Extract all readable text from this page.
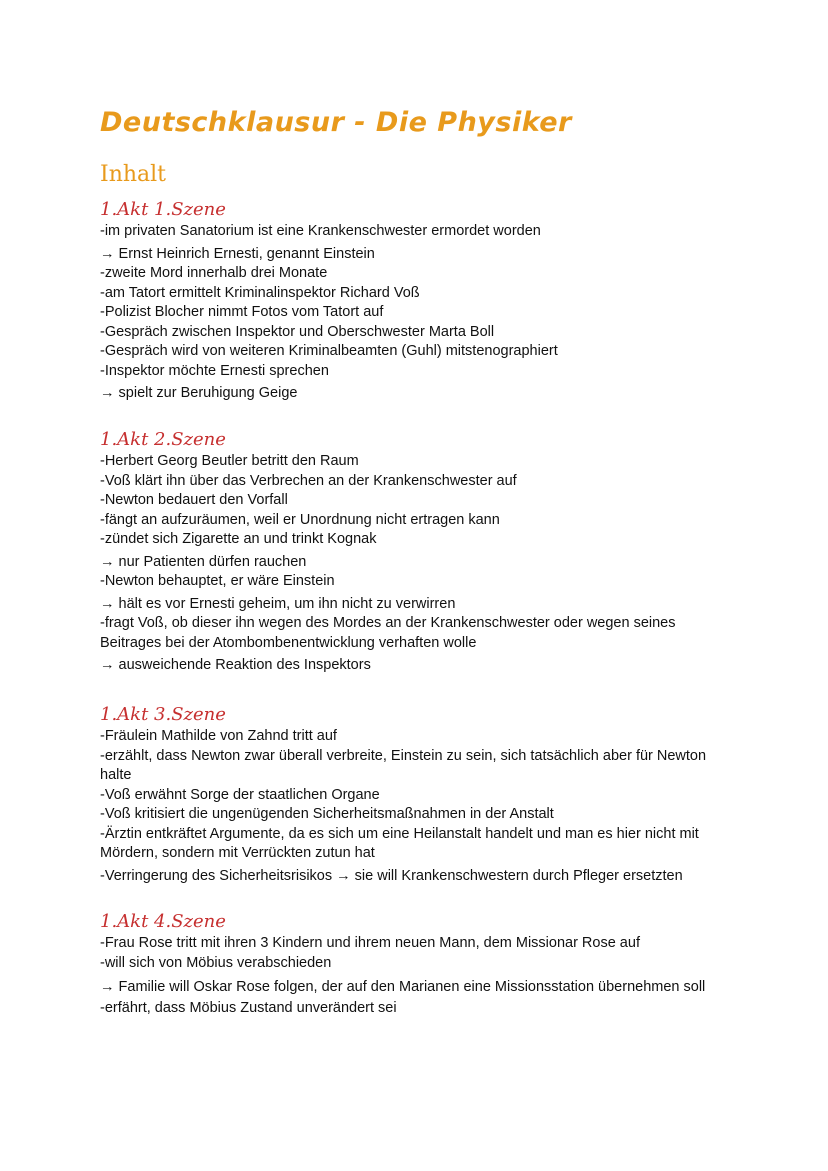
Deutschklausur - Die Physiker
Inhalt
1.Akt 1.Szene
-im privaten Sanatorium ist eine Krankenschwester ermordet worden
→ Ernst Heinrich Ernesti, genannt Einstein
-zweite Mord innerhalb drei Monate
-am Tatort ermittelt Kriminalinspektor Richard Voß
-Polizist Blocher nimmt Fotos vom Tatort auf
-Gespräch zwischen Inspektor und Oberschwester Marta Boll
-Gespräch wird von weiteren Kriminalbeamten (Guhl) mitstenographiert
-Inspektor möchte Ernesti sprechen
→ spielt zur Beruhigung Geige
1.Akt 2.Szene
-Herbert Georg Beutler betritt den Raum
-Voß klärt ihn über das Verbrechen an der Krankenschwester auf
-Newton bedauert den Vorfall
-fängt an aufzuräumen, weil er Unordnung nicht ertragen kann
-zündet sich Zigarette an und trinkt Kognak
→ nur Patienten dürfen rauchen
-Newton behauptet, er wäre Einstein
→ hält es vor Ernesti geheim, um ihn nicht zu verwirren
-fragt Voß, ob dieser ihn wegen des Mordes an der Krankenschwester oder wegen seines Beitrages bei der Atombombenentwicklung verhaften wolle
→ ausweichende Reaktion des Inspektors
1.Akt 3.Szene
-Fräulein Mathilde von Zahnd tritt auf
-erzählt, dass Newton zwar überall verbreite, Einstein zu sein, sich tatsächlich aber für Newton halte
-Voß erwähnt Sorge der staatlichen Organe
-Voß kritisiert die ungenügenden Sicherheitsmaßnahmen in der Anstalt
-Ärztin entkräftet Argumente, da es sich um eine Heilanstalt handelt und man es hier nicht mit Mördern, sondern mit Verrückten zutun hat
-Verringerung des Sicherheitsrisikos → sie will Krankenschwestern durch Pfleger ersetzten
1.Akt 4.Szene
-Frau Rose tritt mit ihren 3 Kindern und ihrem neuen Mann, dem Missionar Rose auf
-will sich von Möbius verabschieden
→ Familie will Oskar Rose folgen, der auf den Marianen eine Missionsstation übernehmen soll
-erfährt, dass Möbius Zustand unverändert sei
